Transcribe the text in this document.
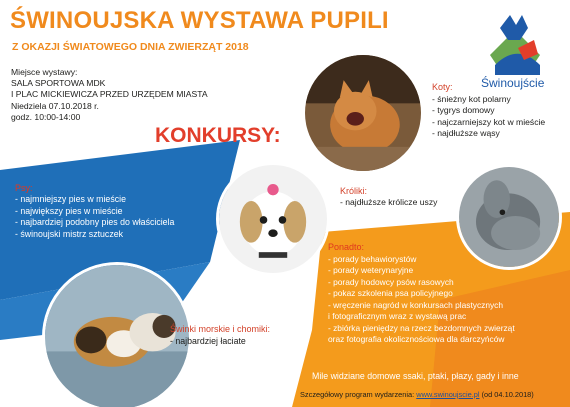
ŚWINOUJSKA WYSTAWA PUPILI
Z OKAZJI ŚWIATOWEGO DNIA ZWIERZĄT 2018
Miejsce wystawy:
SALA SPORTOWA MDK
I PLAC MICKIEWICZA PRZED URZĘDEM MIASTA
Niedziela 07.10.2018 r.
godz. 10:00-14:00
KONKURSY:
Świnoujście
Koty:
- śnieżny kot polarny
- tygrys domowy
- najczarniejszy kot w mieście
- najdłuższe wąsy
Psy:
- najmniejszy pies w mieście
- największy pies w mieście
- najbardziej podobny pies do właściciela
- świnoujski mistrz sztuczek
Króliki:
- najdłuższe królicze uszy
Ponadto:
- porady behawiorystów
- porady weterynaryjne
- porady hodowcy psów rasowych
- pokaz szkolenia psa policyjnego
- wręczenie nagród w konkursach plastycznych
i fotograficznym wraz z wystawą prac
- zbiórka pieniędzy na rzecz bezdomnych zwierząt
oraz fotografia okolicznościowa dla darczyńców
Świnki morskie i chomiki:
- najbardziej łaciate
Mile widziane domowe ssaki, ptaki, płazy, gady i inne
Szczegółowy program wydarzenia: www.swinoujscie.pl (od 04.10.2018)
